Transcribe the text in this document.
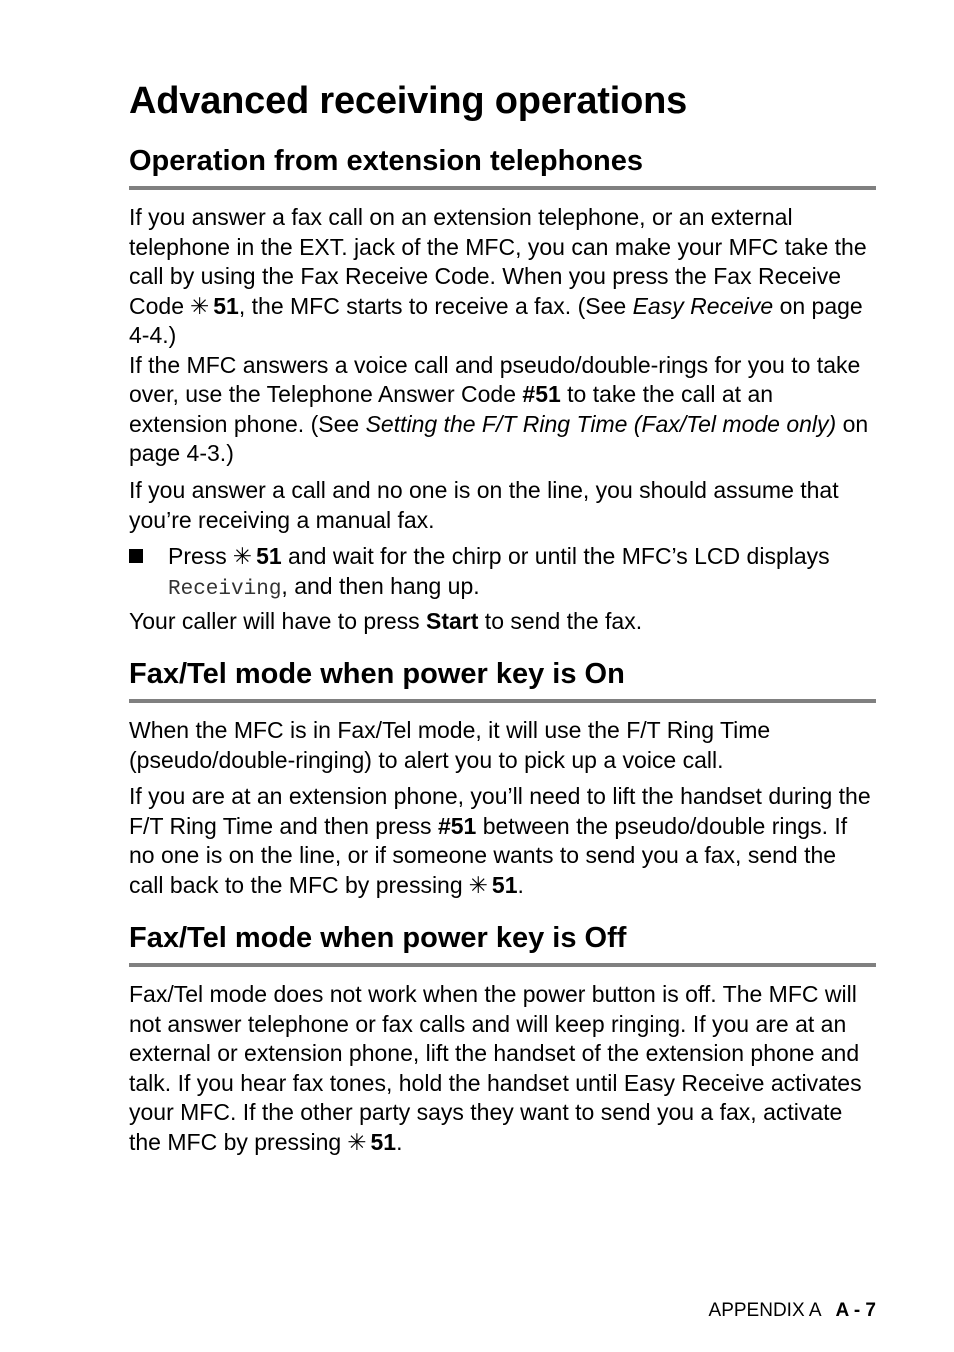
Advanced receiving operations
Operation from extension telephones

If you answer a fax call on an extension telephone, or an external telephone in the EXT. jack of the MFC, you can make your MFC take the call by using the Fax Receive Code. When you press the Fax Receive Code ✳ 51, the MFC starts to receive a fax. (See Easy Receive on page 4-4.)
If the MFC answers a voice call and pseudo/double-rings for you to take over, use the Telephone Answer Code #51 to take the call at an extension phone. (See Setting the F/T Ring Time (Fax/Tel mode only) on page 4-3.)

If you answer a call and no one is on the line, you should assume that you’re receiving a manual fax.

Press ✳ 51 and wait for the chirp or until the MFC’s LCD displays
Receiving, and then hang up.

Your caller will have to press Start to send the fax.

Fax/Tel mode when power key is On

When the MFC is in Fax/Tel mode, it will use the F/T Ring Time (pseudo/double-ringing) to alert you to pick up a voice call.

If you are at an extension phone, you’ll need to lift the handset during the F/T Ring Time and then press #51 between the pseudo/double rings. If no one is on the line, or if someone wants to send you a fax, send the call back to the MFC by pressing ✳ 51.

Fax/Tel mode when power key is Off

Fax/Tel mode does not work when the power button is off. The MFC will not answer telephone or fax calls and will keep ringing. If you are at an external or extension phone, lift the handset of the extension phone and talk. If you hear fax tones, hold the handset until Easy Receive activates your MFC. If the other party says they want to send you a fax, activate the MFC by pressing ✳ 51.

APPENDIX A A - 7
